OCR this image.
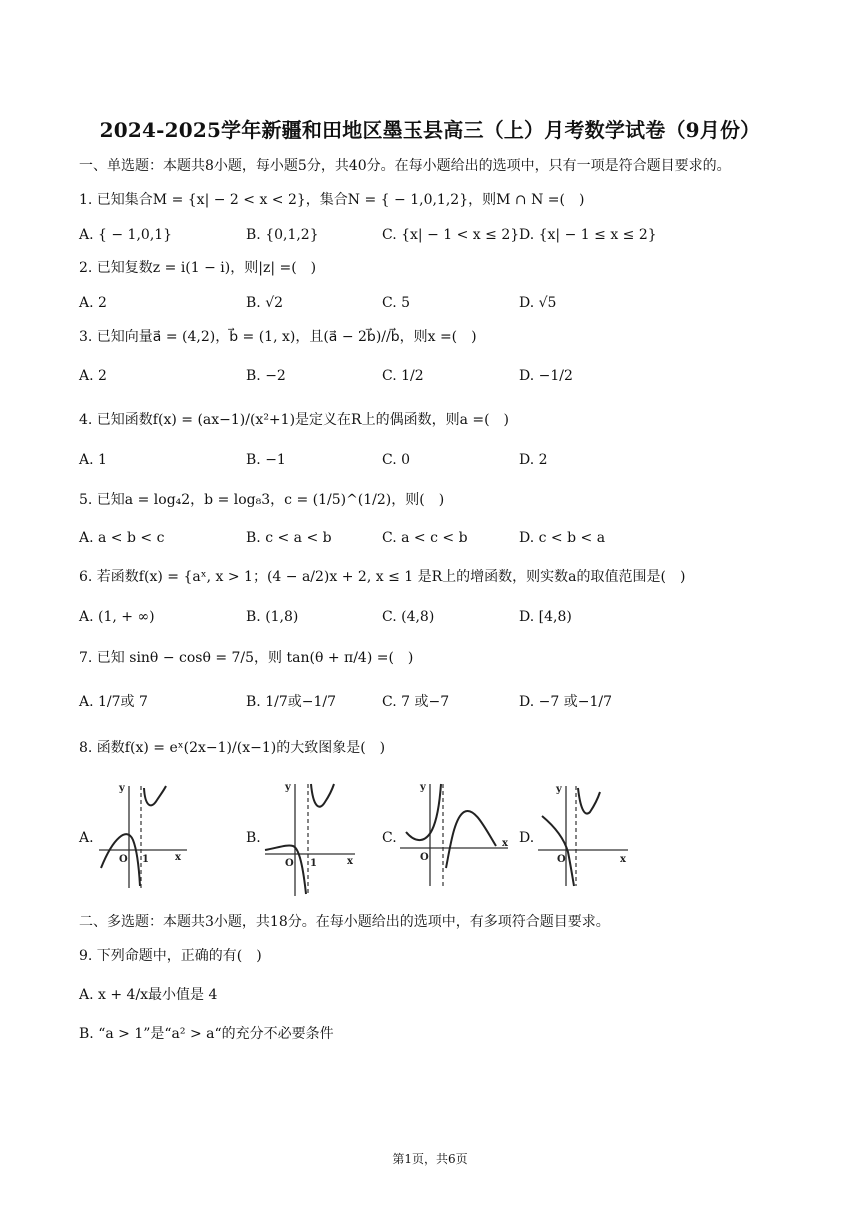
2024-2025学年新疆和田地区墨玉县高三（上）月考数学试卷（9月份）
一、单选题：本题共8小题，每小题5分，共40分。在每小题给出的选项中，只有一项是符合题目要求的。
1. 已知集合M = {x| − 2 < x < 2}，集合N = { − 1,0,1,2}，则M ∩ N =(　)
A. { − 1,0,1}	B. {0,1,2}	C. {x| − 1 < x ≤ 2} D. {x| − 1 ≤ x ≤ 2}
2. 已知复数z = i(1 − i)，则|z| =(　)
A. 2	B. √2	C. 5	D. √5
3. 已知向量a⃗ = (4,2)，b⃗ = (1, x)，且(a⃗ − 2b⃗)//b⃗，则x =(　)
A. 2	B. −2	C. 1/2	D. −1/2
4. 已知函数f(x) = (ax−1)/(x²+1)是定义在R上的偶函数，则a =(　)
A. 1	B. −1	C. 0	D. 2
5. 已知a = log₄2，b = log₈3，c = (1/5)^(1/2)，则(　)
A. a < b < c	B. c < a < b	C. a < c < b	D. c < b < a
6. 若函数f(x) = {aˣ, x > 1；(4 − a/2)x + 2, x ≤ 1 是R上的增函数，则实数a的取值范围是(　)
A. (1, + ∞)	B. (1,8)	C. (4,8)	D. [4,8)
7. 已知 sinθ − cosθ = 7/5，则 tan(θ + π/4) =(　)
A. 1/7或 7	B. 1/7或−1/7	C. 7 或−7	D. −7 或−1/7
8. 函数f(x) = eˣ(2x−1)/(x−1)的大致图象是(　)
A.
y
O 1	x
B.
y
O 1	x
C.
y
O
x D.
y
O	x
二、多选题：本题共3小题，共18分。在每小题给出的选项中，有多项符合题目要求。
9. 下列命题中，正确的有(　)
A. x + 4/x最小值是 4
B. “a > 1”是“a² > a“的充分不必要条件
第1页，共6页
